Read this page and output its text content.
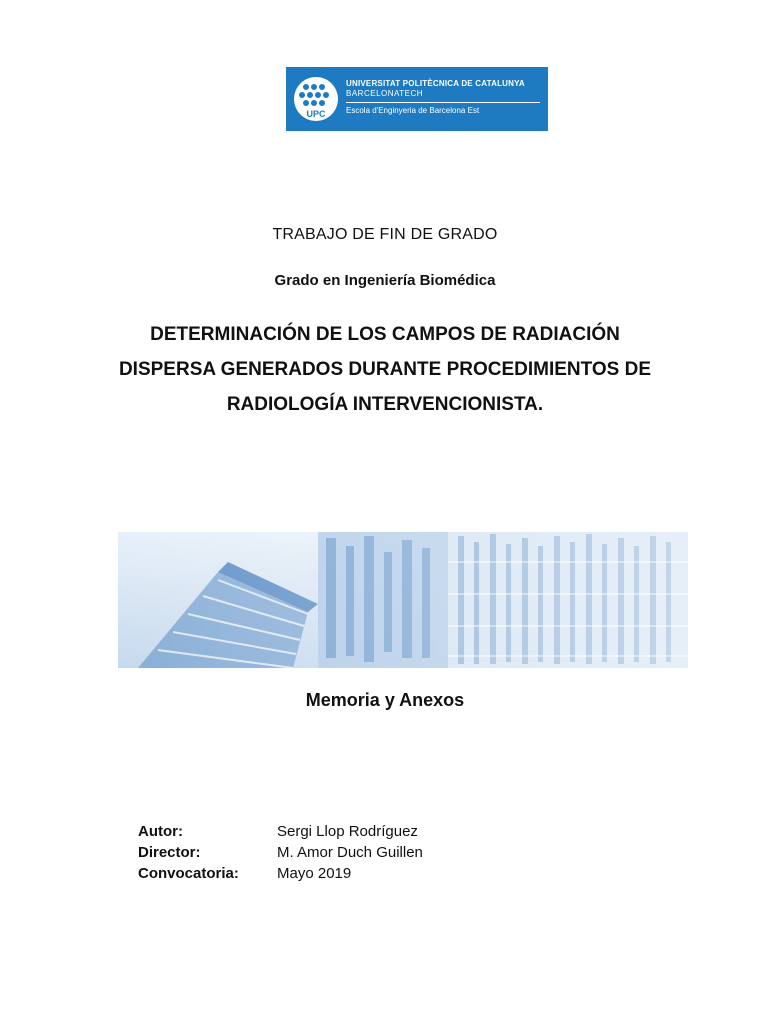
UPC
UNIVERSITAT POLITÈCNICA DE CATALUNYA
BARCELONATECH
Escola d'Enginyeria de Barcelona Est
TRABAJO DE FIN DE GRADO
Grado en Ingeniería Biomédica
DETERMINACIÓN DE LOS CAMPOS DE RADIACIÓN
DISPERSA GENERADOS DURANTE PROCEDIMIENTOS DE
RADIOLOGÍA INTERVENCIONISTA.
Memoria y Anexos
Autor:	Sergi Llop Rodríguez
Director:	M. Amor Duch Guillen
Convocatoria:	Mayo 2019
